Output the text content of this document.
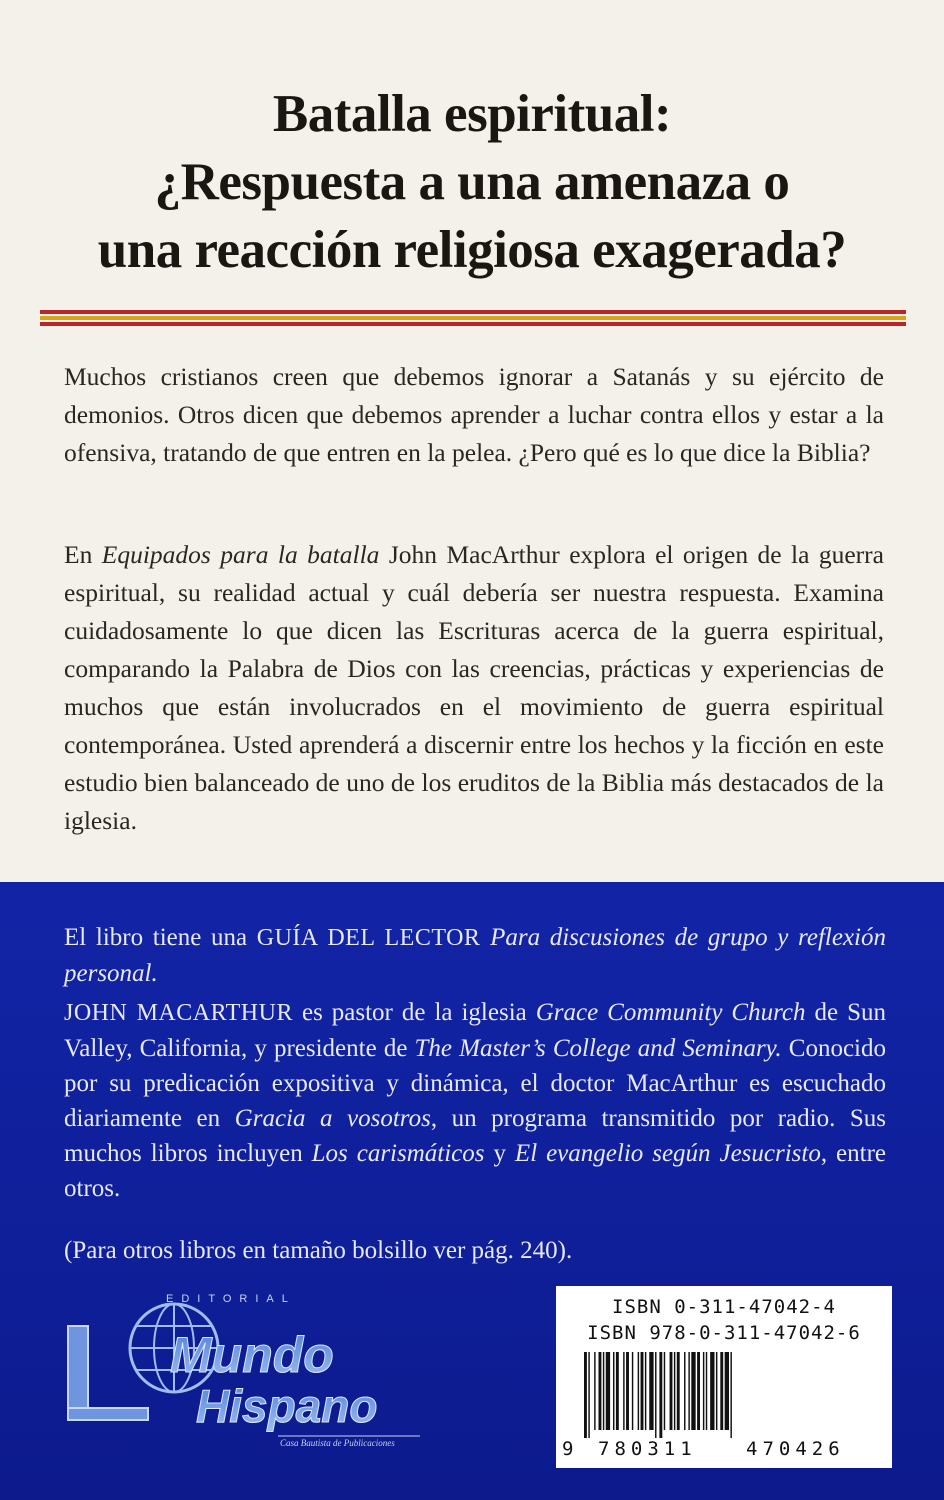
Batalla espiritual:
¿Respuesta a una amenaza o
una reacción religiosa exagerada?
Muchos cristianos creen que debemos ignorar a Satanás y su ejército de demonios. Otros dicen que debemos aprender a luchar contra ellos y estar a la ofensiva, tratando de que entren en la pelea. ¿Pero qué es lo que dice la Biblia?
En Equipados para la batalla John MacArthur explora el origen de la guerra espiritual, su realidad actual y cuál debería ser nuestra respuesta. Examina cuidadosamente lo que dicen las Escrituras acerca de la guerra espiritual, comparando la Palabra de Dios con las creencias, prácticas y experiencias de muchos que están involucrados en el movimiento de guerra espiritual contemporánea. Usted aprenderá a discernir entre los hechos y la ficción en este estudio bien balanceado de uno de los eruditos de la Biblia más destacados de la iglesia.
El libro tiene una GUÍA DEL LECTOR Para discusiones de grupo y reflexión personal.
JOHN MACARTHUR es pastor de la iglesia Grace Community Church de Sun Valley, California, y presidente de The Master’s College and Seminary. Conocido por su predicación expositiva y dinámica, el doctor MacArthur es escuchado diariamente en Gracia a vosotros, un programa transmitido por radio. Sus muchos libros incluyen Los carismáticos y El evangelio según Jesucristo, entre otros.
(Para otros libros en tamaño bolsillo ver pág. 240).
EDITORIAL
Mundo
Hispano
Casa Bautista de Publicaciones
ISBN 0-311-47042-4
ISBN 978-0-311-47042-6
9 780311	470426
